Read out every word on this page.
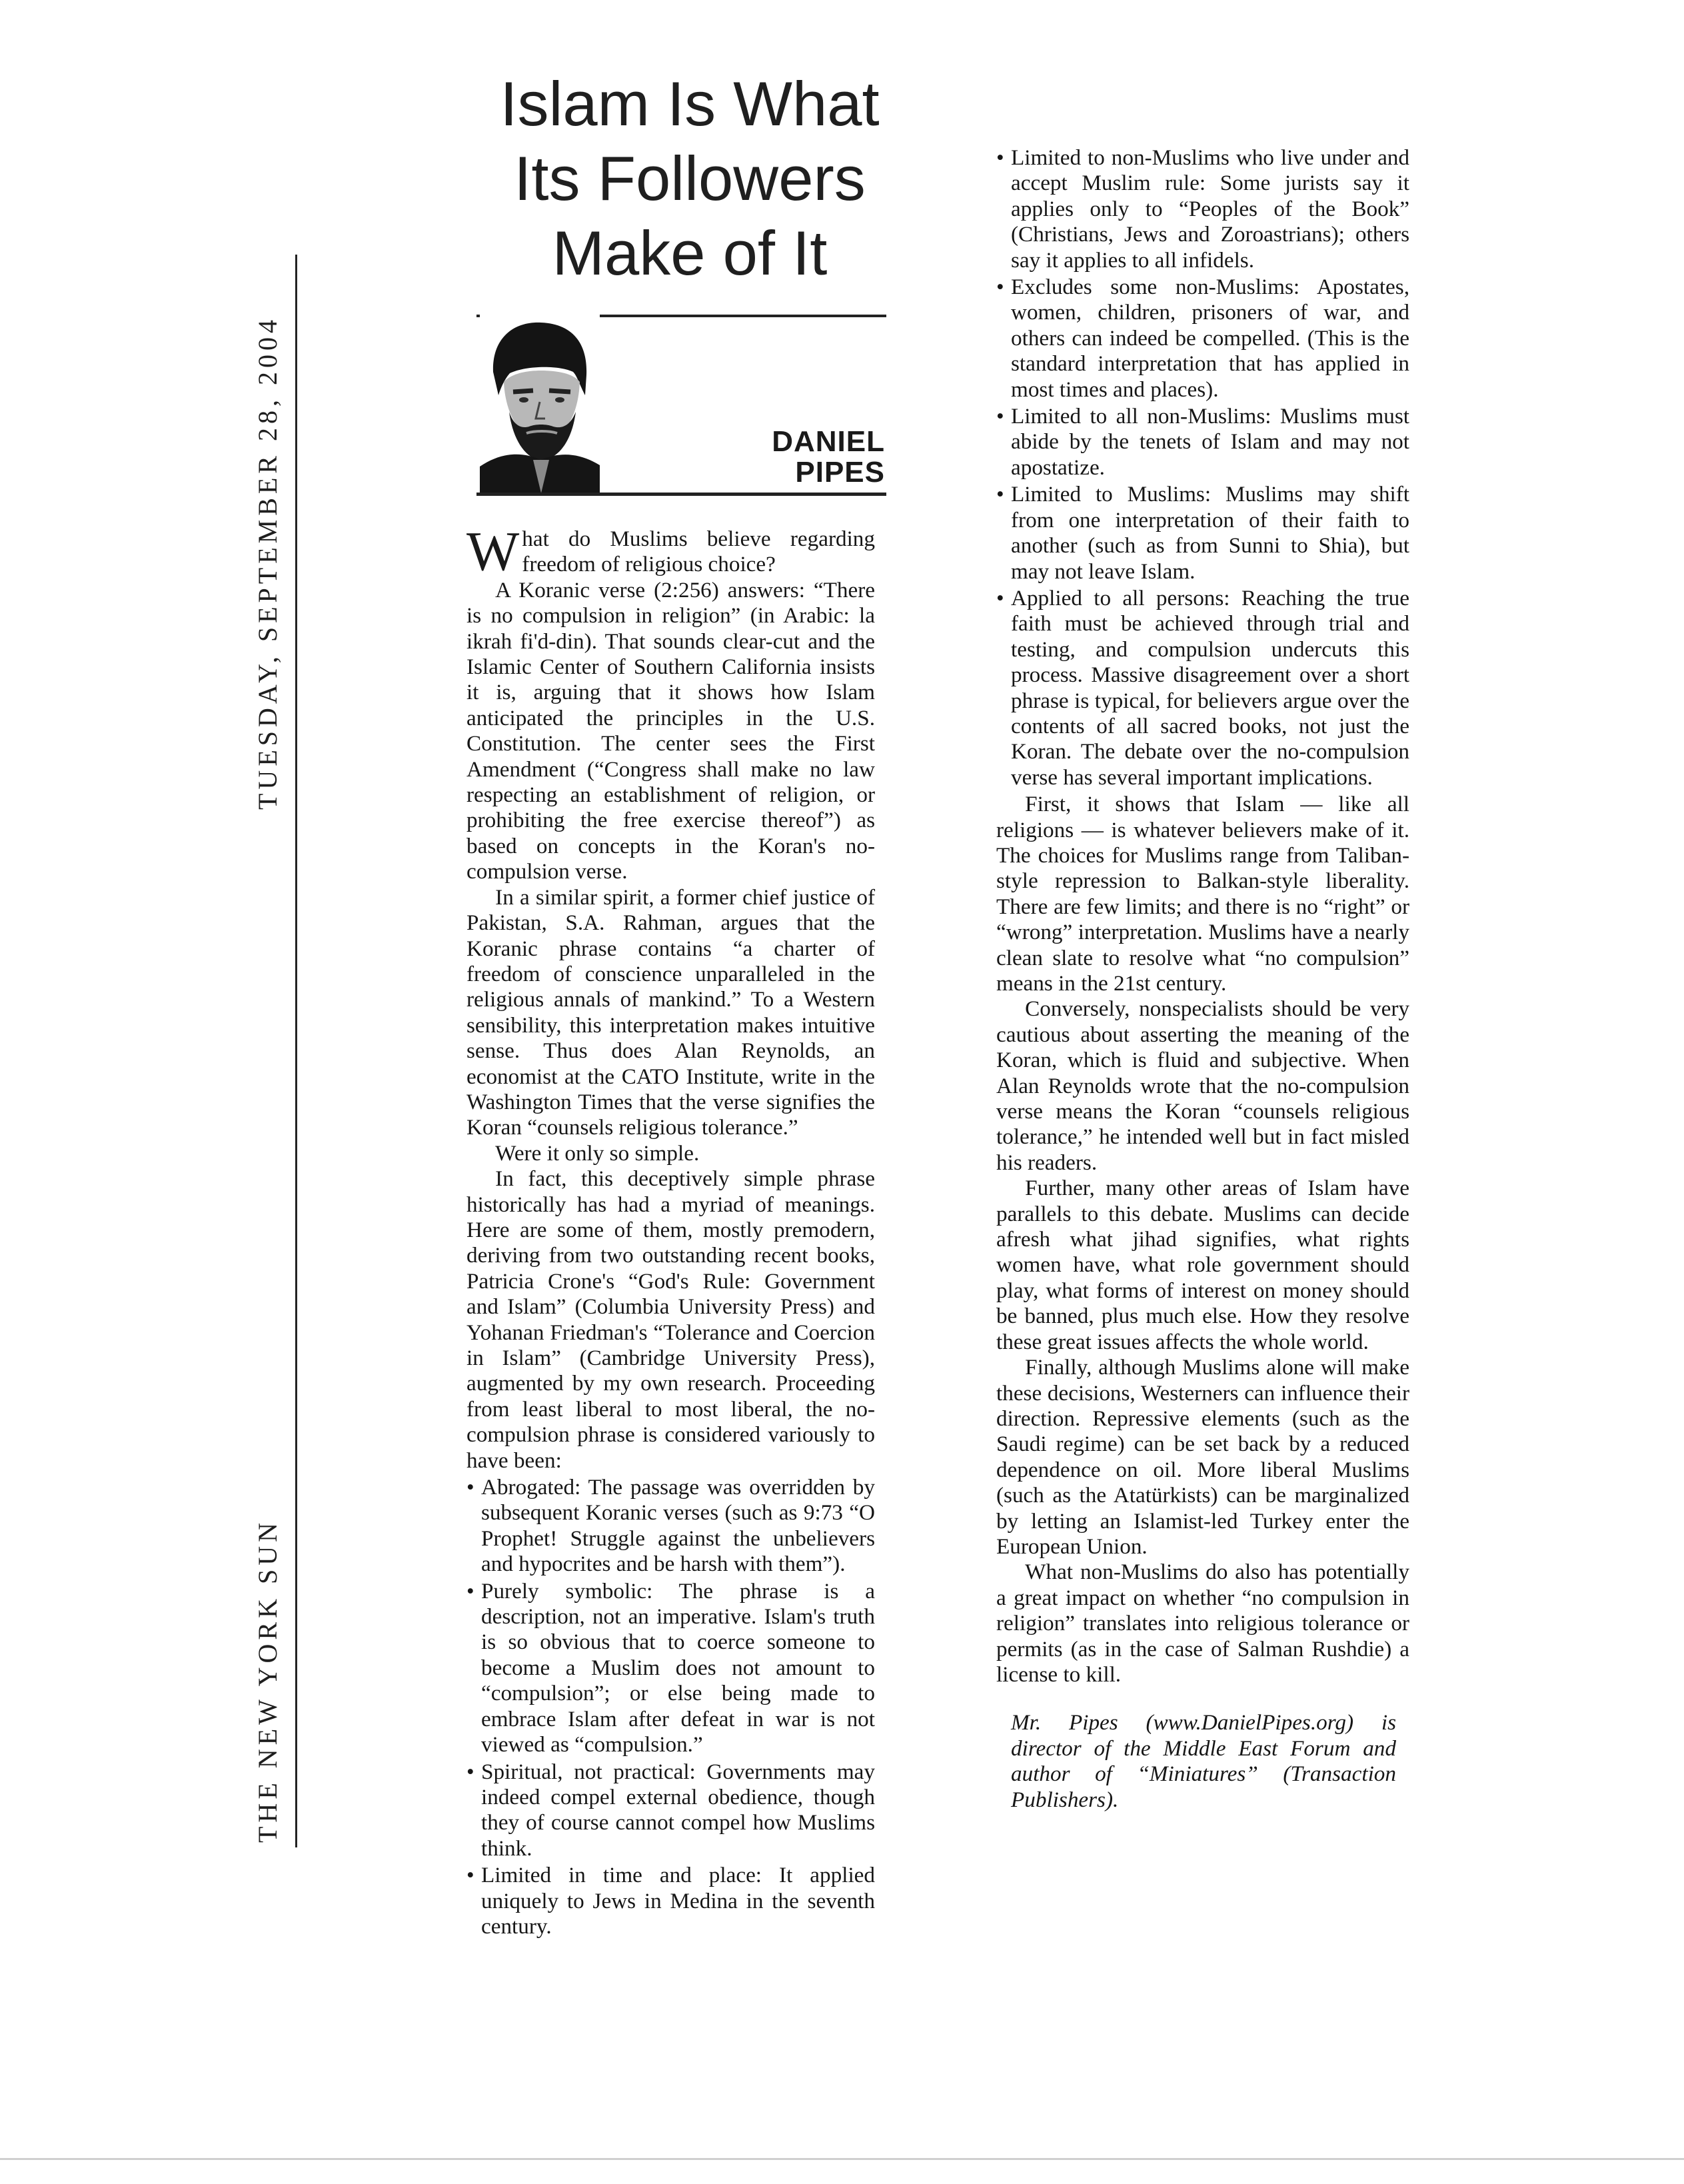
TUESDAY, SEPTEMBER 28, 2004
THE NEW YORK SUN
Islam Is What
Its Followers
Make of It
DANIEL
PIPES

What do Muslims believe regarding freedom of religious choice?

A Koranic verse (2:256) answers: “There is no compulsion in religion” (in Arabic: la ikrah fi'd-din). That sounds clear-cut and the Islamic Center of Southern California insists it is, arguing that it shows how Islam anticipated the principles in the U.S. Constitution. The center sees the First Amendment (“Congress shall make no law respecting an establishment of religion, or prohibiting the free exercise thereof”) as based on concepts in the Koran's no-compulsion verse.

In a similar spirit, a former chief justice of Pakistan, S.A. Rahman, argues that the Koranic phrase contains “a charter of freedom of conscience unparalleled in the religious annals of mankind.” To a Western sensibility, this interpretation makes intuitive sense. Thus does Alan Reynolds, an economist at the CATO Institute, write in the Washington Times that the verse signifies the Koran “counsels religious tolerance.”

Were it only so simple.

In fact, this deceptively simple phrase historically has had a myriad of meanings. Here are some of them, mostly premodern, deriving from two outstanding recent books, Patricia Crone's “God's Rule: Government and Islam” (Columbia University Press) and Yohanan Friedman's “Tolerance and Coercion in Islam” (Cambridge University Press), augmented by my own research. Proceeding from least liberal to most liberal, the no-compulsion phrase is considered variously to have been:

• Abrogated: The passage was overridden by subsequent Koranic verses (such as 9:73 “O Prophet! Struggle against the unbelievers and hypocrites and be harsh with them”).
• Purely symbolic: The phrase is a description, not an imperative. Islam's truth is so obvious that to coerce someone to become a Muslim does not amount to “compulsion”; or else being made to embrace Islam after defeat in war is not viewed as “compulsion.”
• Spiritual, not practical: Governments may indeed compel external obedience, though they of course cannot compel how Muslims think.
• Limited in time and place: It applied uniquely to Jews in Medina in the seventh century.
• Limited to non-Muslims who live under and accept Muslim rule: Some jurists say it applies only to “Peoples of the Book” (Christians, Jews and Zoroastrians); others say it applies to all infidels.
• Excludes some non-Muslims: Apostates, women, children, prisoners of war, and others can indeed be compelled. (This is the standard interpretation that has applied in most times and places).
• Limited to all non-Muslims: Muslims must abide by the tenets of Islam and may not apostatize.
• Limited to Muslims: Muslims may shift from one interpretation of their faith to another (such as from Sunni to Shia), but may not leave Islam.
• Applied to all persons: Reaching the true faith must be achieved through trial and testing, and compulsion undercuts this process. Massive disagreement over a short phrase is typical, for believers argue over the contents of all sacred books, not just the Koran. The debate over the no-compulsion verse has several important implications.

First, it shows that Islam — like all religions — is whatever believers make of it. The choices for Muslims range from Taliban-style repression to Balkan-style liberality. There are few limits; and there is no “right” or “wrong” interpretation. Muslims have a nearly clean slate to resolve what “no compulsion” means in the 21st century.

Conversely, nonspecialists should be very cautious about asserting the meaning of the Koran, which is fluid and subjective. When Alan Reynolds wrote that the no-compulsion verse means the Koran “counsels religious tolerance,” he intended well but in fact misled his readers.

Further, many other areas of Islam have parallels to this debate. Muslims can decide afresh what jihad signifies, what rights women have, what role government should play, what forms of interest on money should be banned, plus much else. How they resolve these great issues affects the whole world.

Finally, although Muslims alone will make these decisions, Westerners can influence their direction. Repressive elements (such as the Saudi regime) can be set back by a reduced dependence on oil. More liberal Muslims (such as the Atatürkists) can be marginalized by letting an Islamist-led Turkey enter the European Union.

What non-Muslims do also has potentially a great impact on whether “no compulsion in religion” translates into religious tolerance or permits (as in the case of Salman Rushdie) a license to kill.

Mr. Pipes (www.DanielPipes.org) is director of the Middle East Forum and author of “Miniatures” (Transaction Publishers).
